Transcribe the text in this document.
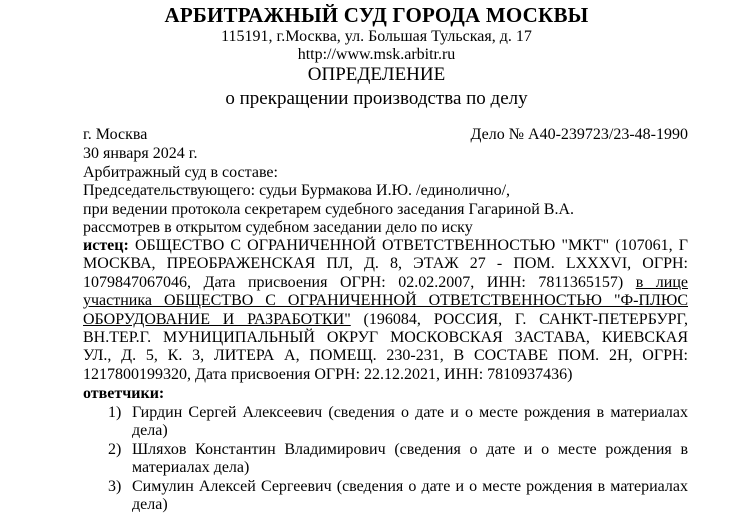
АРБИТРАЖНЫЙ СУД ГОРОДА МОСКВЫ
115191, г.Москва, ул. Большая Тульская, д. 17
http://www.msk.arbitr.ru
ОПРЕДЕЛЕНИЕ
о прекращении производства по делу
г. Москва	Дело № А40-239723/23-48-1990
30 января 2024 г.
Арбитражный суд в составе:
Председательствующего: судьи Бурмакова И.Ю. /единолично/,
при ведении протокола секретарем судебного заседания Гагариной В.А.
рассмотрев в открытом судебном заседании дело по иску
истец: ОБЩЕСТВО С ОГРАНИЧЕННОЙ ОТВЕТСТВЕННОСТЬЮ "МКТ" (107061, Г
МОСКВА, ПРЕОБРАЖЕНСКАЯ ПЛ, Д. 8, ЭТАЖ 27 - ПОМ. LXXXVI, ОГРН:
1079847067046, Дата присвоения ОГРН: 02.02.2007, ИНН: 7811365157) в лице
участника ОБЩЕСТВО С ОГРАНИЧЕННОЙ ОТВЕТСТВЕННОСТЬЮ "Ф-ПЛЮС
ОБОРУДОВАНИЕ И РАЗРАБОТКИ" (196084, РОССИЯ, Г. САНКТ-ПЕТЕРБУРГ,
ВН.ТЕР.Г. МУНИЦИПАЛЬНЫЙ ОКРУГ МОСКОВСКАЯ ЗАСТАВА, КИЕВСКАЯ
УЛ., Д. 5, К. 3, ЛИТЕРА А, ПОМЕЩ. 230-231, В СОСТАВЕ ПОМ. 2Н, ОГРН:
1217800199320, Дата присвоения ОГРН: 22.12.2021, ИНН: 7810937436)
ответчики:
1) Гирдин Сергей Алексеевич (сведения о дате и о месте рождения в материалах
дела)
2) Шляхов Константин Владимирович (сведения о дате и о месте рождения в
материалах дела)
3) Симулин Алексей Сергеевич (сведения о дате и о месте рождения в материалах
дела)
